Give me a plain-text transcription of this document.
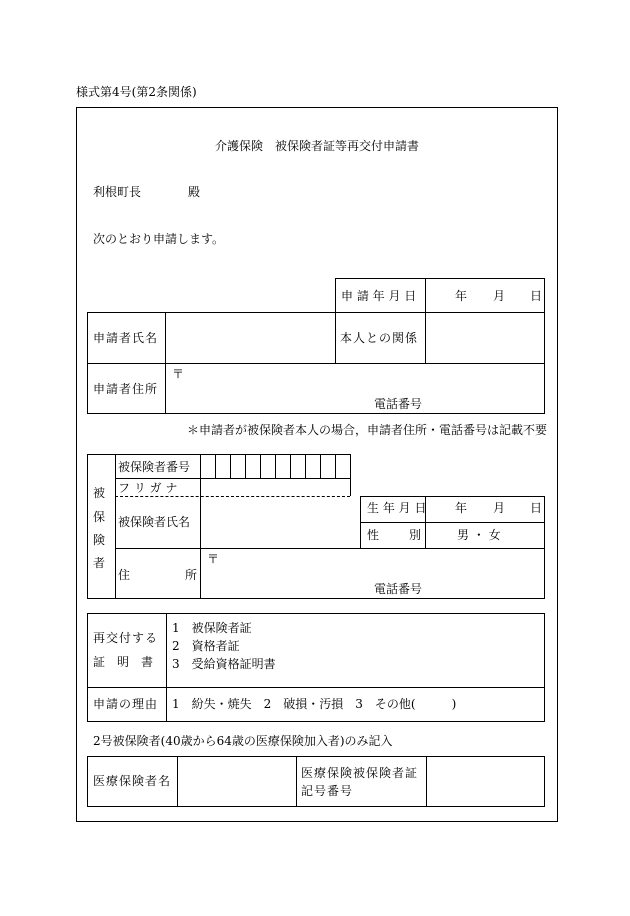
様式第4号(第2条関係)
介護保険　被保険者証等再交付申請書
利根町長	殿
次のとおり申請します。
申 請 年 月 日	年 月 日
申請者氏名	本人との関係
申請者住所
〒
電話番号
＊申請者が被保険者本人の場合，申請者住所・電話番号は記載不要
被
保
険
者
被保険者番号
フ リ ガ ナ
被保険者氏名
生 年 月 日 年 月 日
性 別	男 ・ 女
住	所
〒
電話番号
再交付する
証　明　書
1　被保険者証
2　資格者証
3　受給資格証明書
申請の理由 1　紛失・焼失　2　破損・汚損　3　その他(　　　)
2号被保険者(40歳から64歳の医療保険加入者)のみ記入
医療保険者名
医療保険被保険者証
記号番号
